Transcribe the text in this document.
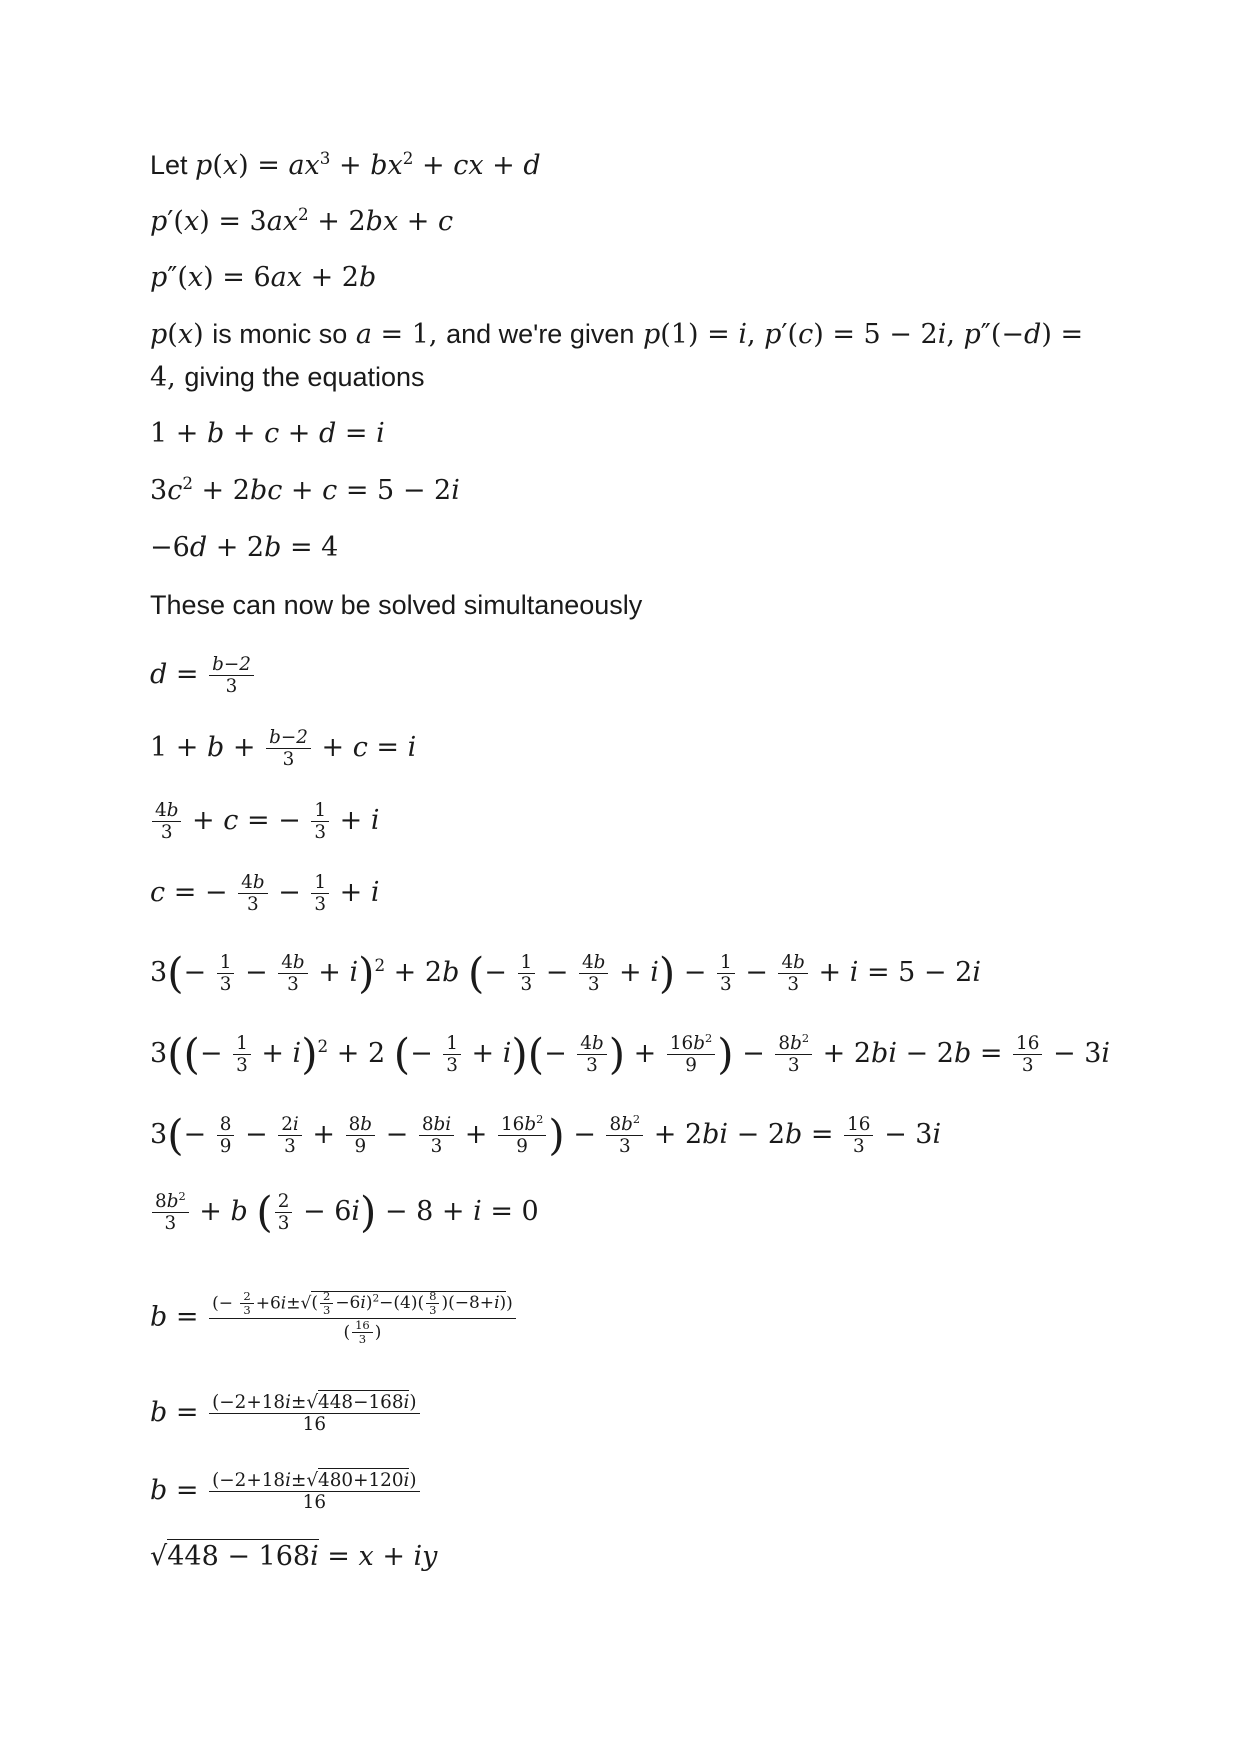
Let $p(x) = ax^3 + bx^2$ + cx + d
$p'(x) = 3ax^2 + 2bx + c$
p″(x) = 6ax + 2b
p(x) is monic so a = 1, and we're given p(1) = i, p′(c) = 5 − 2i, p″(−d) =
4, giving the equations
1 + b + c + d = i
$3c^2 + 2bc + c = 5 - 2i$
−6d + 2b = 4
These can now be solved simultaneously
$d = \frac{b-2}{3}$
$1 + b + \frac{b-2}{3} + c = i$
$\frac{4b}{3} + c$ = − $\frac{1}{3} + i$
c = − $\frac{4b}{3} - \frac{1}{3} + i$
$3(- \frac{1}{3} - \frac{4b}{3} + i)^2 + 2b$ (− $\frac{1}{3} - \frac{4b}{3} + i) - \frac{1}{3} - \frac{4b}{3} + i = 5 - 2i$
$3((- \frac{1}{3} + i)^2 + 2$ (− $\frac{1}{3} + i)(- \frac{4b}{3}$ ) + $\frac{16b^2}{9}$ ) − $\frac{8b^2}{3} + 2bi - 2b = \frac{16}{3} - 3i$
$3(- \frac{8}{9} - \frac{2i}{3} + \frac{8b}{9} - \frac{8bi}{3} + \frac{16b^2}{9}$ ) − $\frac{8b^2}{3} + 2bi - 2b = \frac{16}{3} - 3i$
$\frac{8b^2}{3} + b$ ( $\frac{2}{3} - 6i) - 8 + i = 0$
$b = \frac{(- \frac{2}{3} +6i\pm√( \frac{2}{3} -6i)^2-(4)( \frac{8}{3} )(-8+i))}{( \frac{16}{3} )}$
$b = \frac{(-2+18i\pm√448-168i)}{16}$
$b = \frac{(-2+18i\pm√480+120i)}{16}$
√448 − 168i = x + iy
